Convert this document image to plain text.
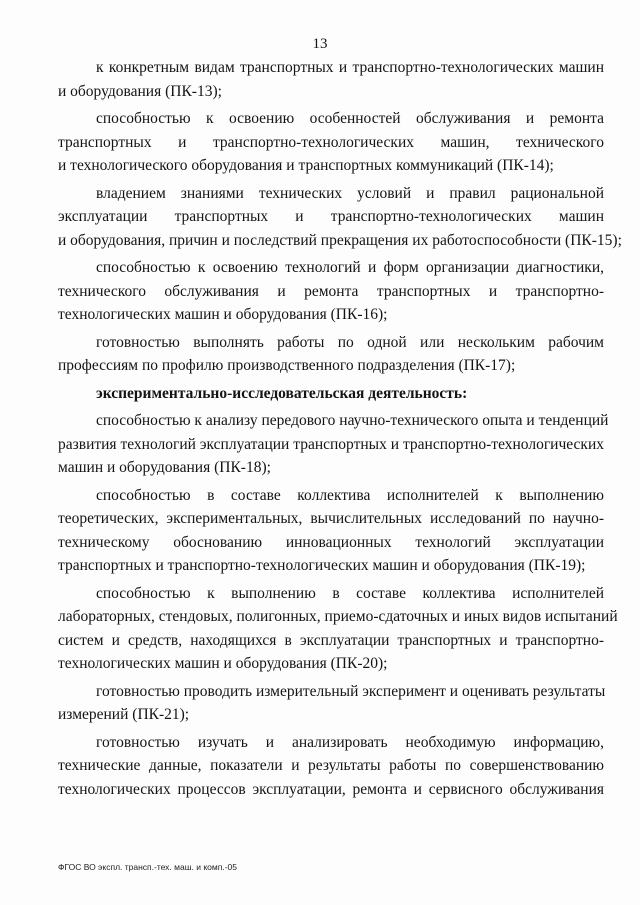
13
к конкретным видам транспортных и транспортно-технологических машин
и оборудования (ПК-13);
способностью к освоению особенностей обслуживания и ремонта
транспортных и транспортно-технологических машин, технического
и технологического оборудования и транспортных коммуникаций (ПК-14);
владением знаниями технических условий и правил рациональной
эксплуатации транспортных и транспортно-технологических машин
и оборудования, причин и последствий прекращения их работоспособности (ПК-15);
способностью к освоению технологий и форм организации диагностики,
технического обслуживания и ремонта транспортных и транспортно-
технологических машин и оборудования (ПК-16);
готовностью выполнять работы по одной или нескольким рабочим
профессиям по профилю производственного подразделения (ПК-17);
экспериментально-исследовательская деятельность:
способностью к анализу передового научно-технического опыта и тенденций
развития технологий эксплуатации транспортных и транспортно-технологических
машин и оборудования (ПК-18);
способностью в составе коллектива исполнителей к выполнению
теоретических, экспериментальных, вычислительных исследований по научно-
техническому обоснованию инновационных технологий эксплуатации
транспортных и транспортно-технологических машин и оборудования (ПК-19);
способностью к выполнению в составе коллектива исполнителей
лабораторных, стендовых, полигонных, приемо-сдаточных и иных видов испытаний
систем и средств, находящихся в эксплуатации транспортных и транспортно-
технологических машин и оборудования (ПК-20);
готовностью проводить измерительный эксперимент и оценивать результаты
измерений (ПК-21);
готовностью изучать и анализировать необходимую информацию,
технические данные, показатели и результаты работы по совершенствованию
технологических процессов эксплуатации, ремонта и сервисного обслуживания
ФГОС ВО экспл. трансп.-тех. маш. и комп.-05
